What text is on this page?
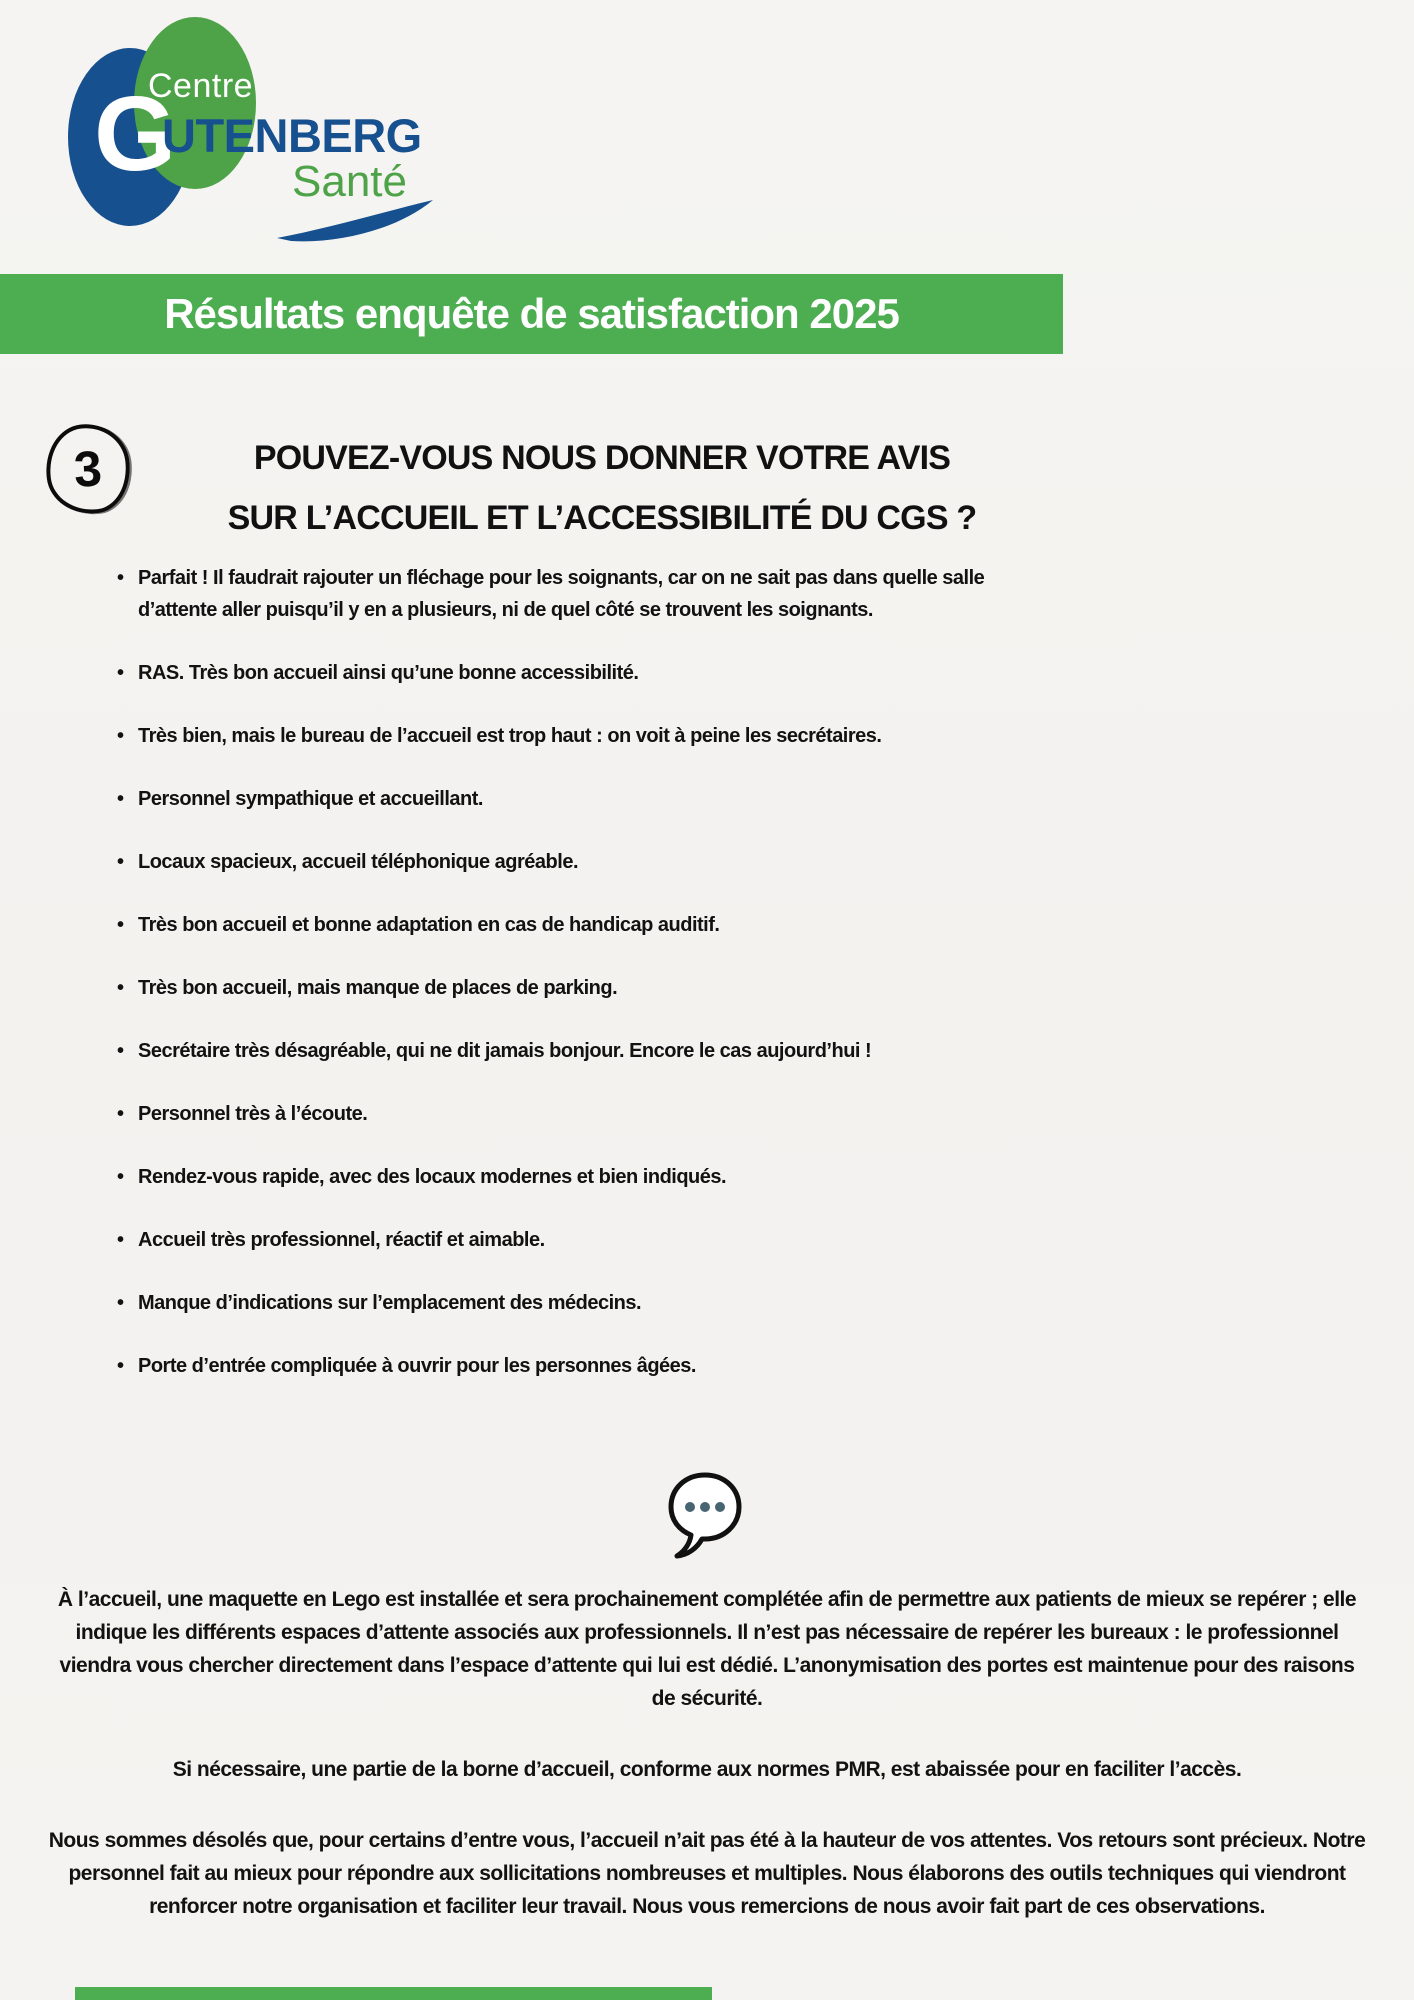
Centre
G
UTENBERG
Santé
Résultats enquête de satisfaction 2025
3	POUVEZ-VOUS NOUS DONNER VOTRE AVIS
SUR L’ACCUEIL ET L’ACCESSIBILITÉ DU CGS ?
• Parfait ! Il faudrait rajouter un fléchage pour les soignants, car on ne sait pas dans quelle salle d’attente aller puisqu’il y en a plusieurs, ni de quel côté se trouvent les soignants.
• RAS. Très bon accueil ainsi qu’une bonne accessibilité.
• Très bien, mais le bureau de l’accueil est trop haut : on voit à peine les secrétaires.
• Personnel sympathique et accueillant.
• Locaux spacieux, accueil téléphonique agréable.
• Très bon accueil et bonne adaptation en cas de handicap auditif.
• Très bon accueil, mais manque de places de parking.
• Secrétaire très désagréable, qui ne dit jamais bonjour. Encore le cas aujourd’hui !
• Personnel très à l’écoute.
• Rendez-vous rapide, avec des locaux modernes et bien indiqués.
• Accueil très professionnel, réactif et aimable.
• Manque d’indications sur l’emplacement des médecins.
• Porte d’entrée compliquée à ouvrir pour les personnes âgées.

À l’accueil, une maquette en Lego est installée et sera prochainement complétée afin de permettre aux patients de mieux se repérer ; elle indique les différents espaces d’attente associés aux professionnels. Il n’est pas nécessaire de repérer les bureaux : le professionnel viendra vous chercher directement dans l’espace d’attente qui lui est dédié. L’anonymisation des portes est maintenue pour des raisons de sécurité.

Si nécessaire, une partie de la borne d’accueil, conforme aux normes PMR, est abaissée pour en faciliter l’accès.

Nous sommes désolés que, pour certains d’entre vous, l’accueil n’ait pas été à la hauteur de vos attentes. Vos retours sont précieux. Notre personnel fait au mieux pour répondre aux sollicitations nombreuses et multiples. Nous élaborons des outils techniques qui viendront renforcer notre organisation et faciliter leur travail. Nous vous remercions de nous avoir fait part de ces observations.
